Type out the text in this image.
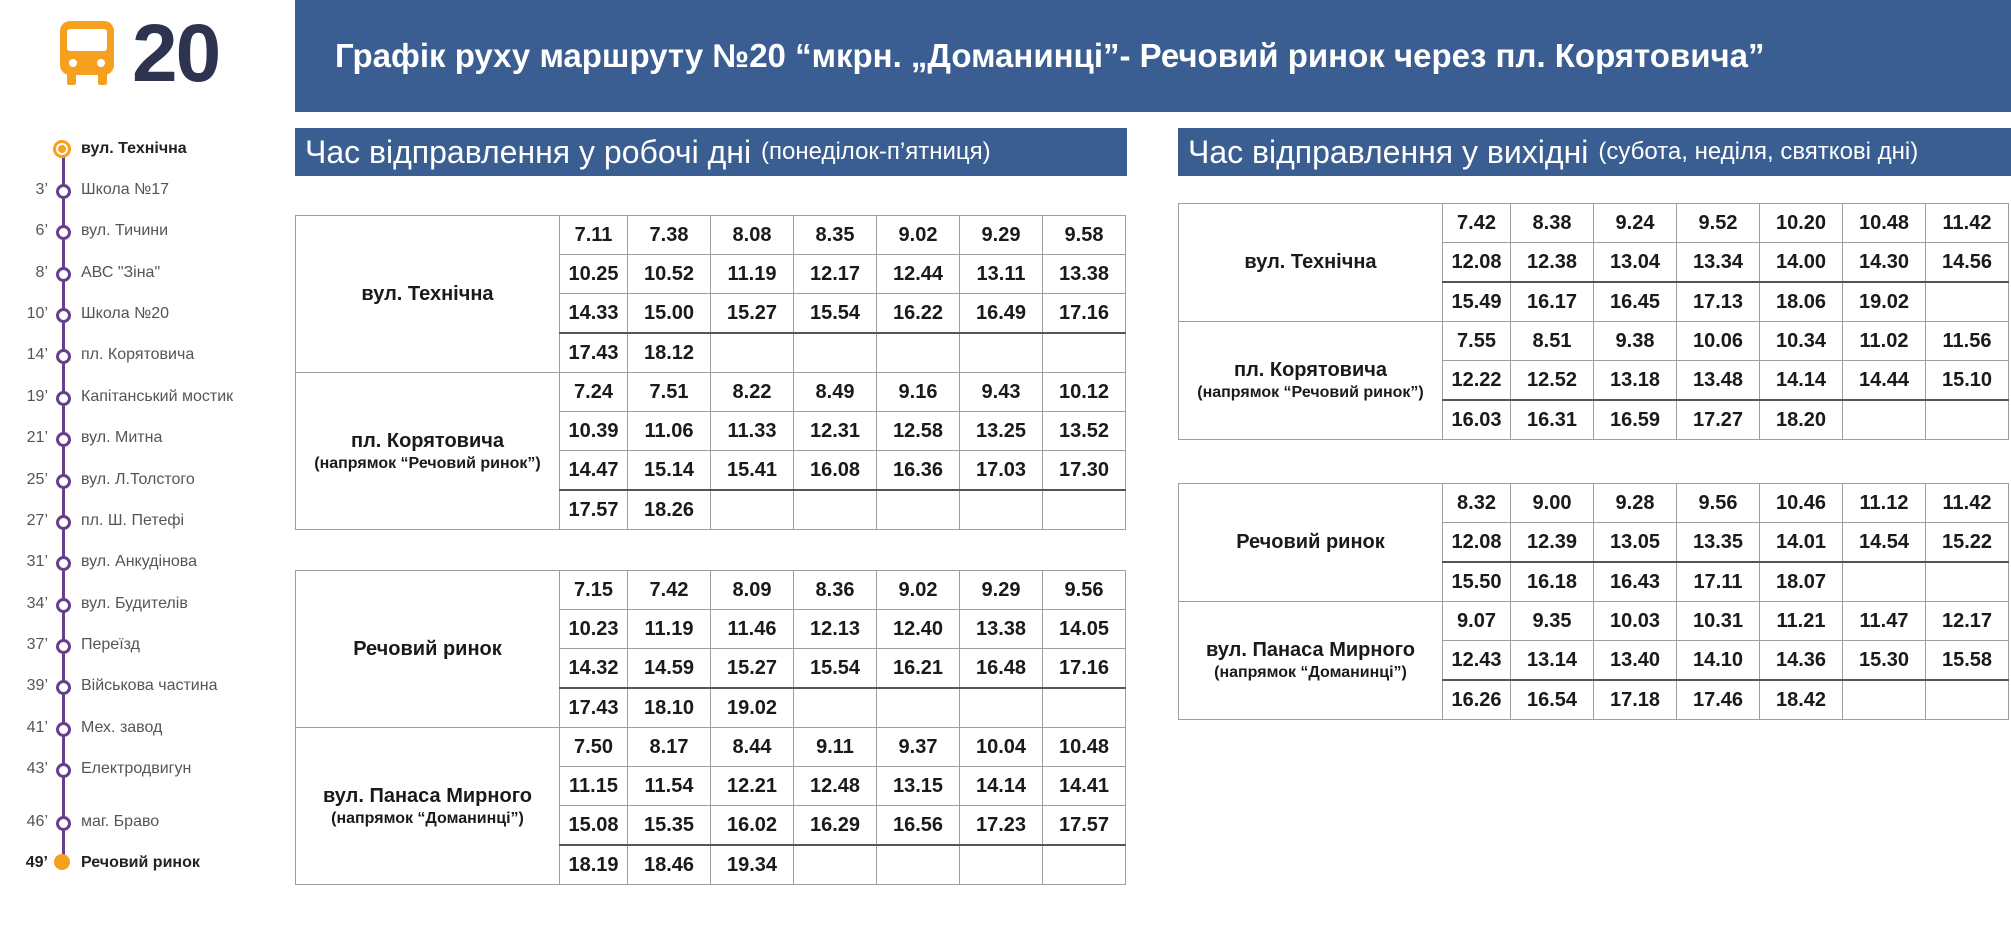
20	Графік руху маршруту №20 “мкрн. „Доманинці”- Речовий ринок через пл. Корятовича”
вул. Технічна
3’ Школа №17
6’ вул. Тичини
8’ АВС "Зіна"
10’ Школа №20
14’ пл. Корятовича
19’ Капітанський мостик
21’ вул. Митна
25’ вул. Л.Толстого
27’ пл. Ш. Петефі
31’ вул. Анкудінова
34’ вул. Будителів
37’ Переїзд
39’ Військова частина
41’ Мех. завод
43’ Електродвигун
46’ маг. Браво
49’ Речовий ринок
Час відправлення у робочі дні (понеділок-п’ятниця)	Час відправлення у вихідні (субота, неділя, святкові дні)
вул. Технічна	7.11	7.38	8.08	8.35	9.02	9.29	9.58
	10.25	10.52	11.19	12.17	12.44	13.11	13.38
	14.33	15.00	15.27	15.54	16.22	16.49	17.16
	17.43	18.12					
пл. Корятовича
(напрямок “Речовий ринок”)	7.24	7.51	8.22	8.49	9.16	9.43	10.12
	10.39	11.06	11.33	12.31	12.58	13.25	13.52
	14.47	15.14	15.41	16.08	16.36	17.03	17.30
	17.57	18.26					
Речовий ринок	7.15	7.42	8.09	8.36	9.02	9.29	9.56
	10.23	11.19	11.46	12.13	12.40	13.38	14.05
	14.32	14.59	15.27	15.54	16.21	16.48	17.16
	17.43	18.10	19.02				
вул. Панаса Мирного
(напрямок “Доманинці”)	7.50	8.17	8.44	9.11	9.37	10.04	10.48
	11.15	11.54	12.21	12.48	13.15	14.14	14.41
	15.08	15.35	16.02	16.29	16.56	17.23	17.57
	18.19	18.46	19.34				
вул. Технічна	7.42	8.38	9.24	9.52	10.20	10.48	11.42
	12.08	12.38	13.04	13.34	14.00	14.30	14.56
	15.49	16.17	16.45	17.13	18.06	19.02	
пл. Корятовича
(напрямок “Речовий ринок”)	7.55	8.51	9.38	10.06	10.34	11.02	11.56
	12.22	12.52	13.18	13.48	14.14	14.44	15.10
	16.03	16.31	16.59	17.27	18.20		
Речовий ринок	8.32	9.00	9.28	9.56	10.46	11.12	11.42
	12.08	12.39	13.05	13.35	14.01	14.54	15.22
	15.50	16.18	16.43	17.11	18.07		
вул. Панаса Мирного
(напрямок “Доманинці”)	9.07	9.35	10.03	10.31	11.21	11.47	12.17
	12.43	13.14	13.40	14.10	14.36	15.30	15.58
	16.26	16.54	17.18	17.46	18.42		
